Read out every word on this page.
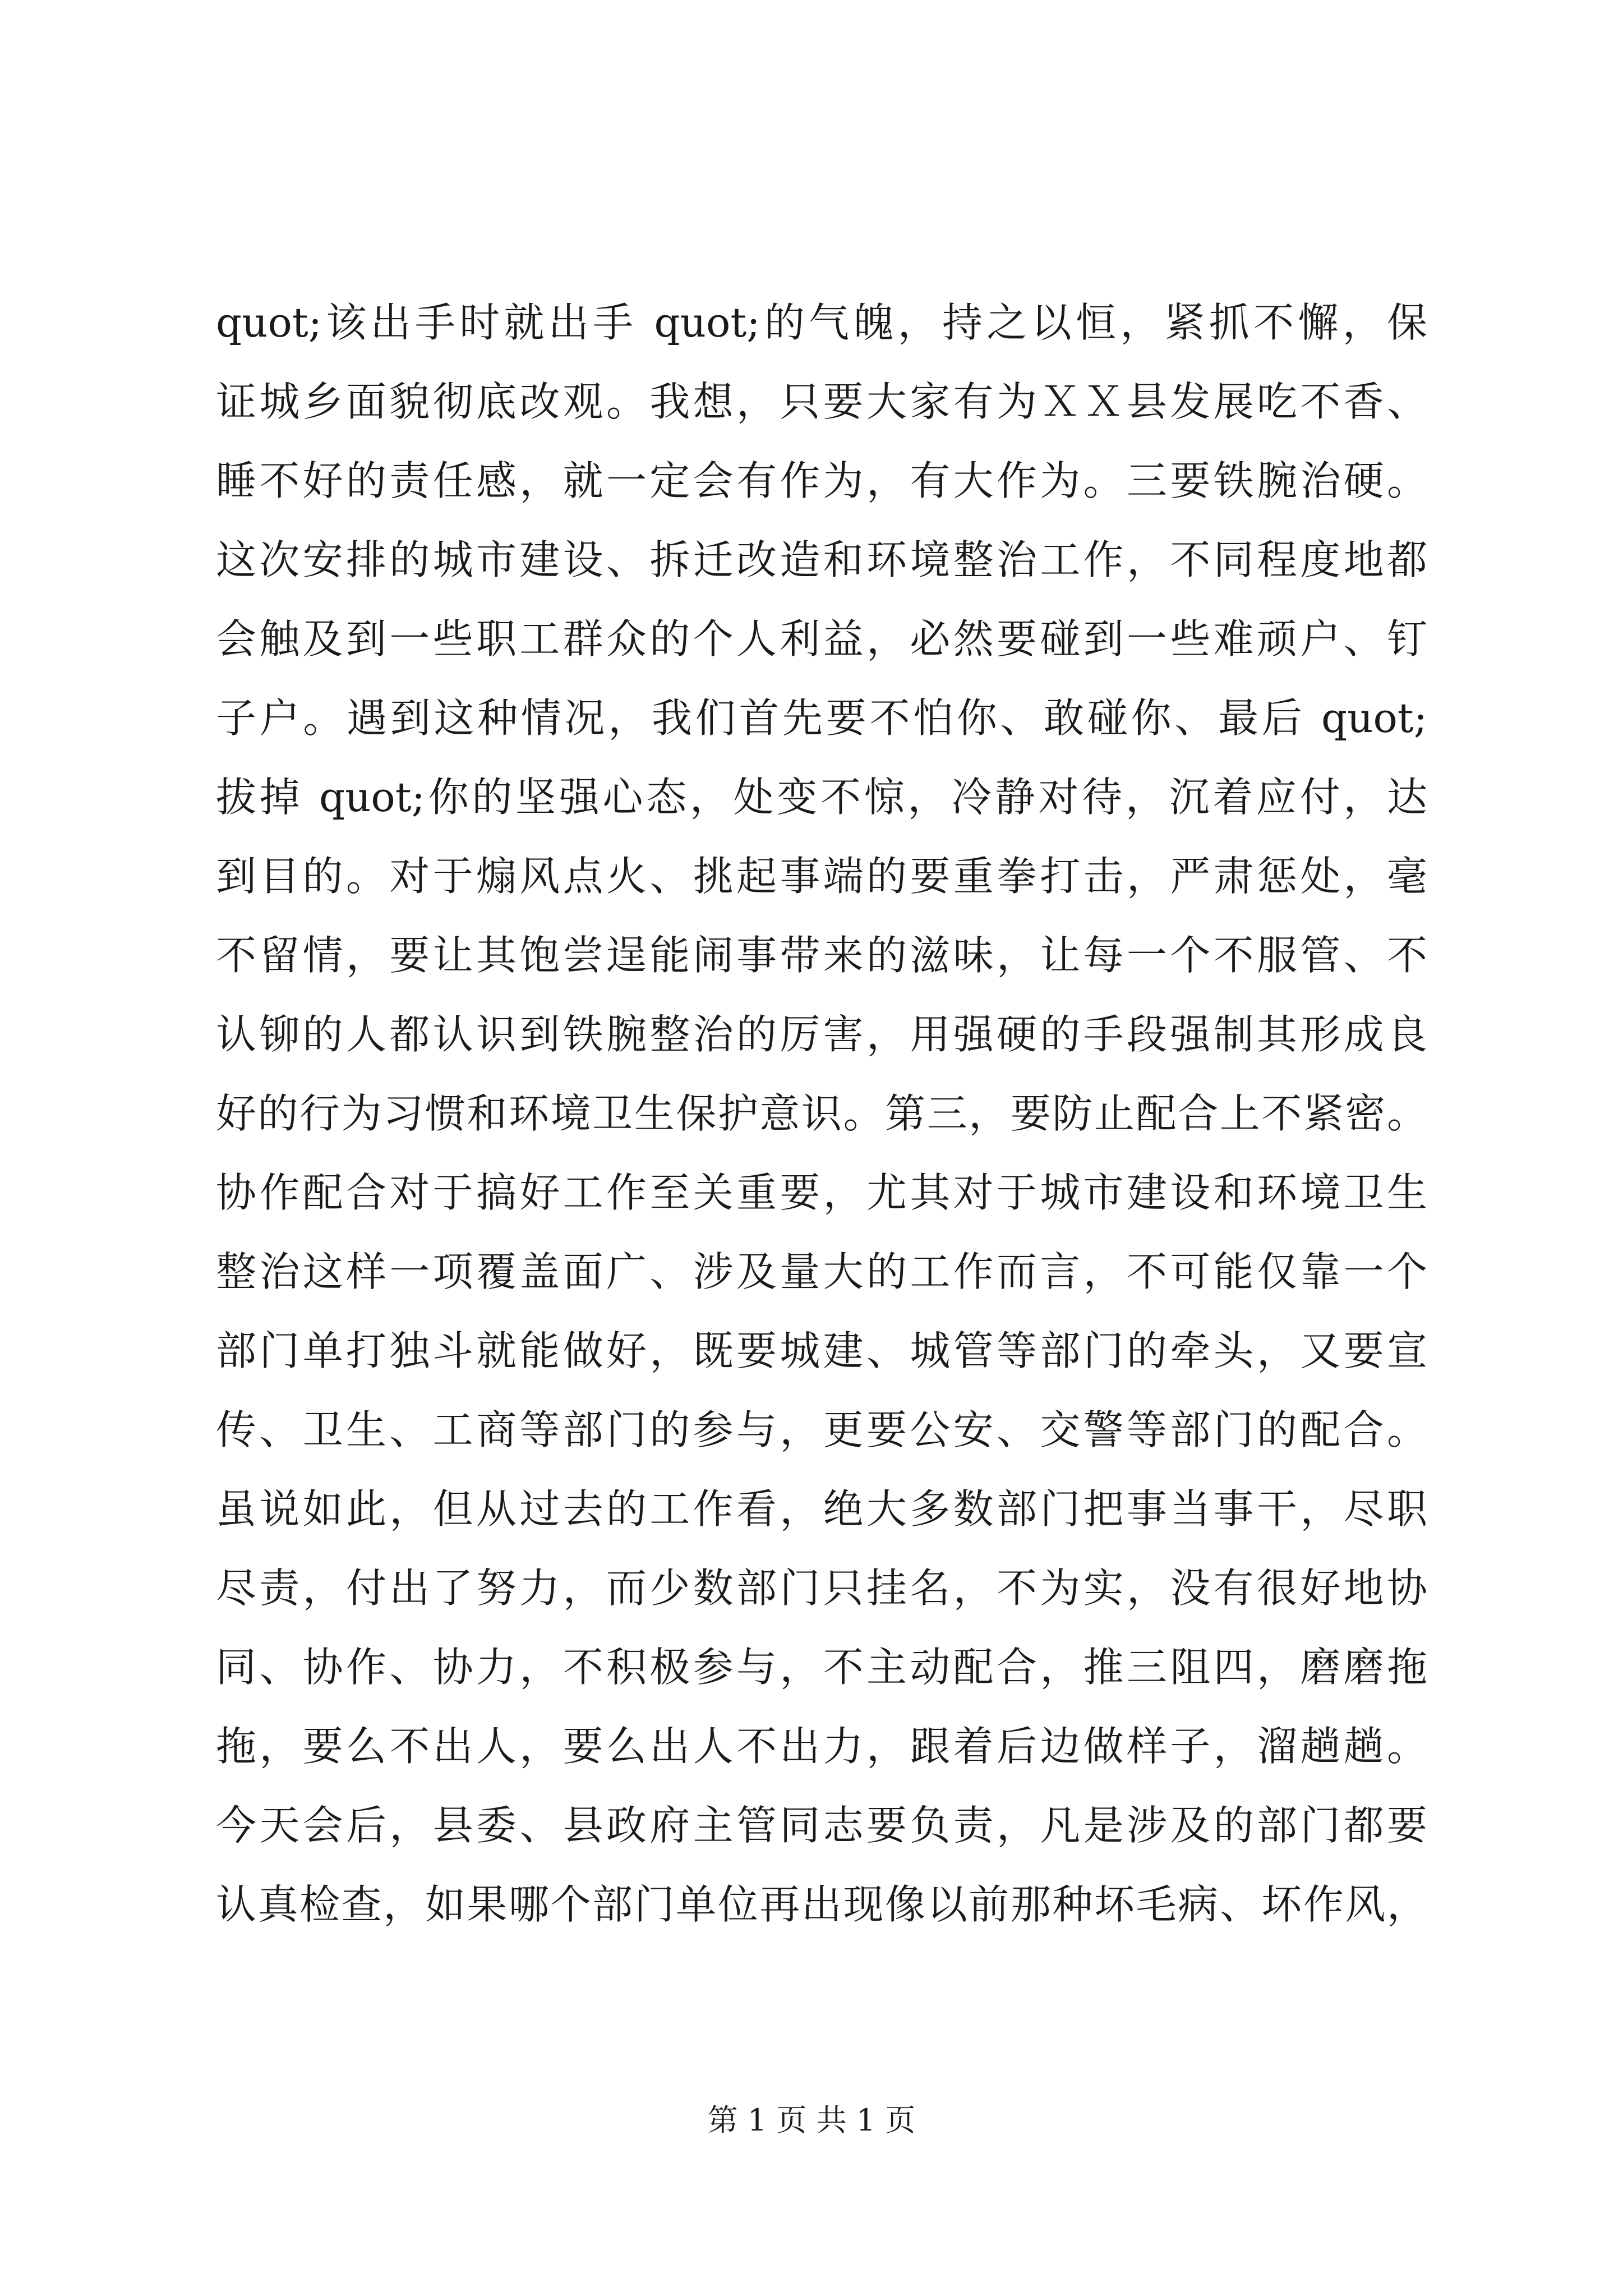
quot;该出手时就出手 quot;的气魄，持之以恒，紧抓不懈，保
证城乡面貌彻底改观。我想，只要大家有为ＸＸ县发展吃不香、
睡不好的责任感，就一定会有作为，有大作为。三要铁腕治硬。
这次安排的城市建设、拆迁改造和环境整治工作，不同程度地都
会触及到一些职工群众的个人利益，必然要碰到一些难顽户、钉
子户。遇到这种情况，我们首先要不怕你、敢碰你、最后 quot;
拔掉 quot;你的坚强心态，处变不惊，冷静对待，沉着应付，达
到目的。对于煽风点火、挑起事端的要重拳打击，严肃惩处，毫
不留情，要让其饱尝逞能闹事带来的滋味，让每一个不服管、不
认铆的人都认识到铁腕整治的厉害，用强硬的手段强制其形成良
好的行为习惯和环境卫生保护意识。第三，要防止配合上不紧密。
协作配合对于搞好工作至关重要，尤其对于城市建设和环境卫生
整治这样一项覆盖面广、涉及量大的工作而言，不可能仅靠一个
部门单打独斗就能做好，既要城建、城管等部门的牵头，又要宣
传、卫生、工商等部门的参与，更要公安、交警等部门的配合。
虽说如此，但从过去的工作看，绝大多数部门把事当事干，尽职
尽责，付出了努力，而少数部门只挂名，不为实，没有很好地协
同、协作、协力，不积极参与，不主动配合，推三阻四，磨磨拖
拖，要么不出人，要么出人不出力，跟着后边做样子，溜趟趟。
今天会后，县委、县政府主管同志要负责，凡是涉及的部门都要
认真检查，如果哪个部门单位再出现像以前那种坏毛病、坏作风，
第 1 页 共 1 页
